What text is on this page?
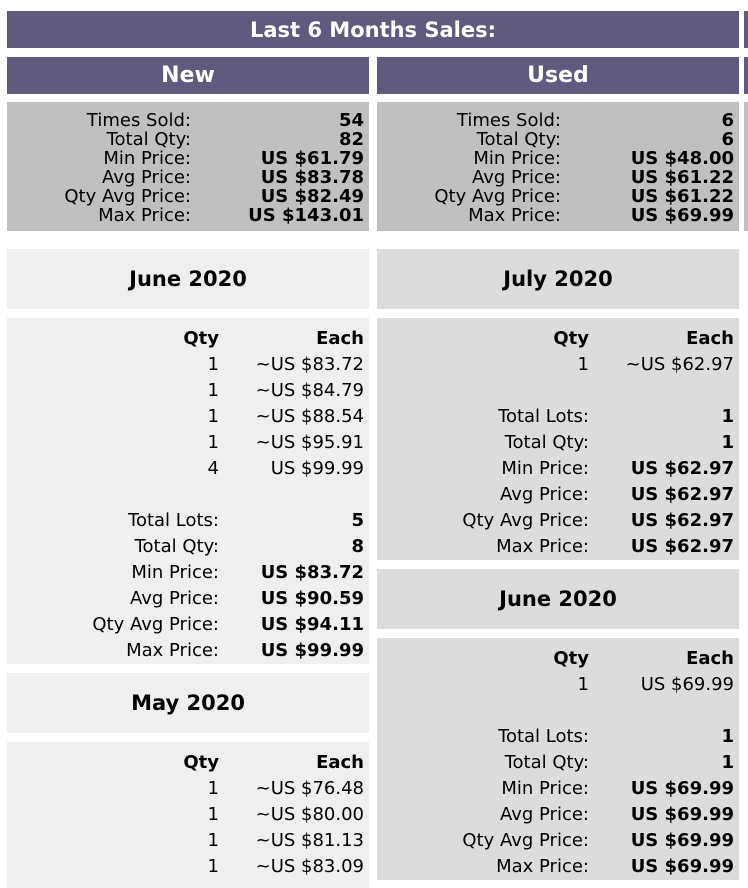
Last 6 Months Sales:
New	Used
Times Sold:	54
Total Qty:	82
Min Price:	US $61.79
Avg Price:	US $83.78
Qty Avg Price:	US $82.49
Max Price:	US $143.01
Times Sold:	6
Total Qty:	6
Min Price:	US $48.00
Avg Price:	US $61.22
Qty Avg Price:	US $61.22
Max Price:	US $69.99
June 2020
Qty	Each
1 ~US $83.72
1 ~US $84.79
1 ~US $88.54
1 ~US $95.91
4	US $99.99
Total Lots:	5
Total Qty:	8
Min Price: US $83.72
Avg Price: US $90.59
Qty Avg Price: US $94.11
Max Price: US $99.99
May 2020
Qty	Each
1 ~US $76.48
1 ~US $80.00
1 ~US $81.13
1 ~US $83.09
July 2020
Qty	Each
1 ~US $62.97
Total Lots:	1
Total Qty:	1
Min Price: US $62.97
Avg Price: US $62.97
Qty Avg Price: US $62.97
Max Price: US $62.97
June 2020
Qty	Each
1	US $69.99
Total Lots:	1
Total Qty:	1
Min Price: US $69.99
Avg Price: US $69.99
Qty Avg Price: US $69.99
Max Price: US $69.99
